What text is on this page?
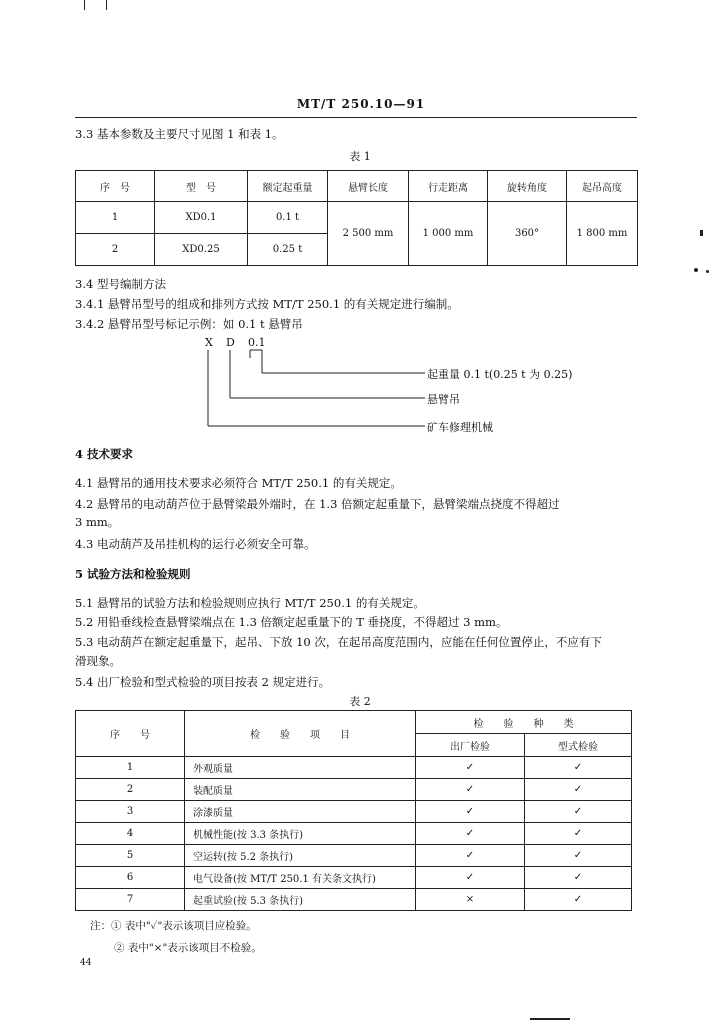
MT/T 250.10—91
3.3 基本参数及主要尺寸见图 1 和表 1。
表 1
序　号	型　号	额定起重量	悬臂长度	行走距离	旋转角度	起吊高度
1	XD0.1	0.1 t	2 500 mm	1 000 mm	360°	1 800 mm
2	XD0.25	0.25 t				
3.4 型号编制方法
3.4.1 悬臂吊型号的组成和排列方式按 MT/T 250.1 的有关规定进行编制。
3.4.2 悬臂吊型号标记示例：如 0.1 t 悬臂吊
X D 0.1
起重量 0.1 t(0.25 t 为 0.25)
悬臂吊
矿车修理机械
4 技术要求
4.1 悬臂吊的通用技术要求必须符合 MT/T 250.1 的有关规定。
4.2 悬臂吊的电动葫芦位于悬臂梁最外端时，在 1.3 倍额定起重量下，悬臂梁端点挠度不得超过
3 mm。
4.3 电动葫芦及吊挂机构的运行必须安全可靠。
5 试验方法和检验规则
5.1 悬臂吊的试验方法和检验规则应执行 MT/T 250.1 的有关规定。
5.2 用铅垂线检查悬臂梁端点在 1.3 倍额定起重量下的 T 垂挠度，不得超过 3 mm。
5.3 电动葫芦在额定起重量下，起吊、下放 10 次，在起吊高度范围内，应能在任何位置停止，不应有下
滑现象。
5.4 出厂检验和型式检验的项目按表 2 规定进行。
表 2
序　　号	检　　验　　项　　目	检　　验　　种　　类	
		出厂检验	型式检验
1	外观质量	✓	✓
2	装配质量	✓	✓
3	涂漆质量	✓	✓
4	机械性能(按 3.3 条执行)	✓	✓
5	空运转(按 5.2 条执行)	✓	✓
6	电气设备(按 MT/T 250.1 有关条文执行)	✓	✓
7	起重试验(按 5.3 条执行)	×	✓
注：① 表中"✓"表示该项目应检验。
② 表中"×"表示该项目不检验。
44
